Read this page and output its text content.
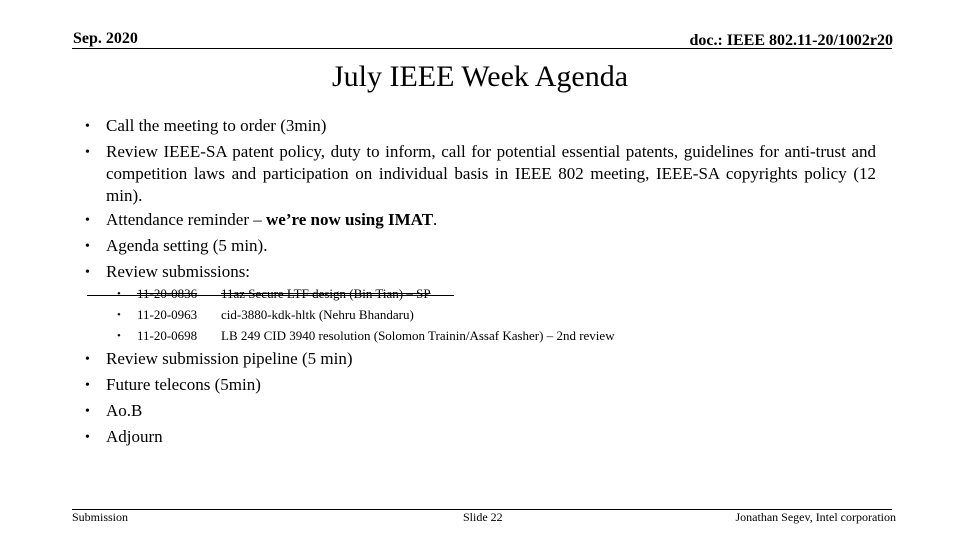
Sep. 2020	doc.: IEEE 802.11-20/1002r20
July IEEE Week Agenda
• Call the meeting to order (3min)
• Review IEEE-SA patent policy, duty to inform, call for potential essential patents, guidelines for anti-trust and competition laws and participation on individual basis in IEEE 802 meeting, IEEE-SA copyrights policy (12 min).
• Attendance reminder – we’re now using IMAT.
• Agenda setting (5 min).
• Review submissions:
• 11-20-0836 11az Secure LTF design (Bin Tian) – SP
• 11-20-0963 cid-3880-kdk-hltk (Nehru Bhandaru)
• 11-20-0698 LB 249 CID 3940 resolution (Solomon Trainin/Assaf Kasher) – 2nd review
• Review submission pipeline (5 min)
• Future telecons (5min)
• Ao.B
• Adjourn
Submission	Slide 22	Jonathan Segev, Intel corporation
